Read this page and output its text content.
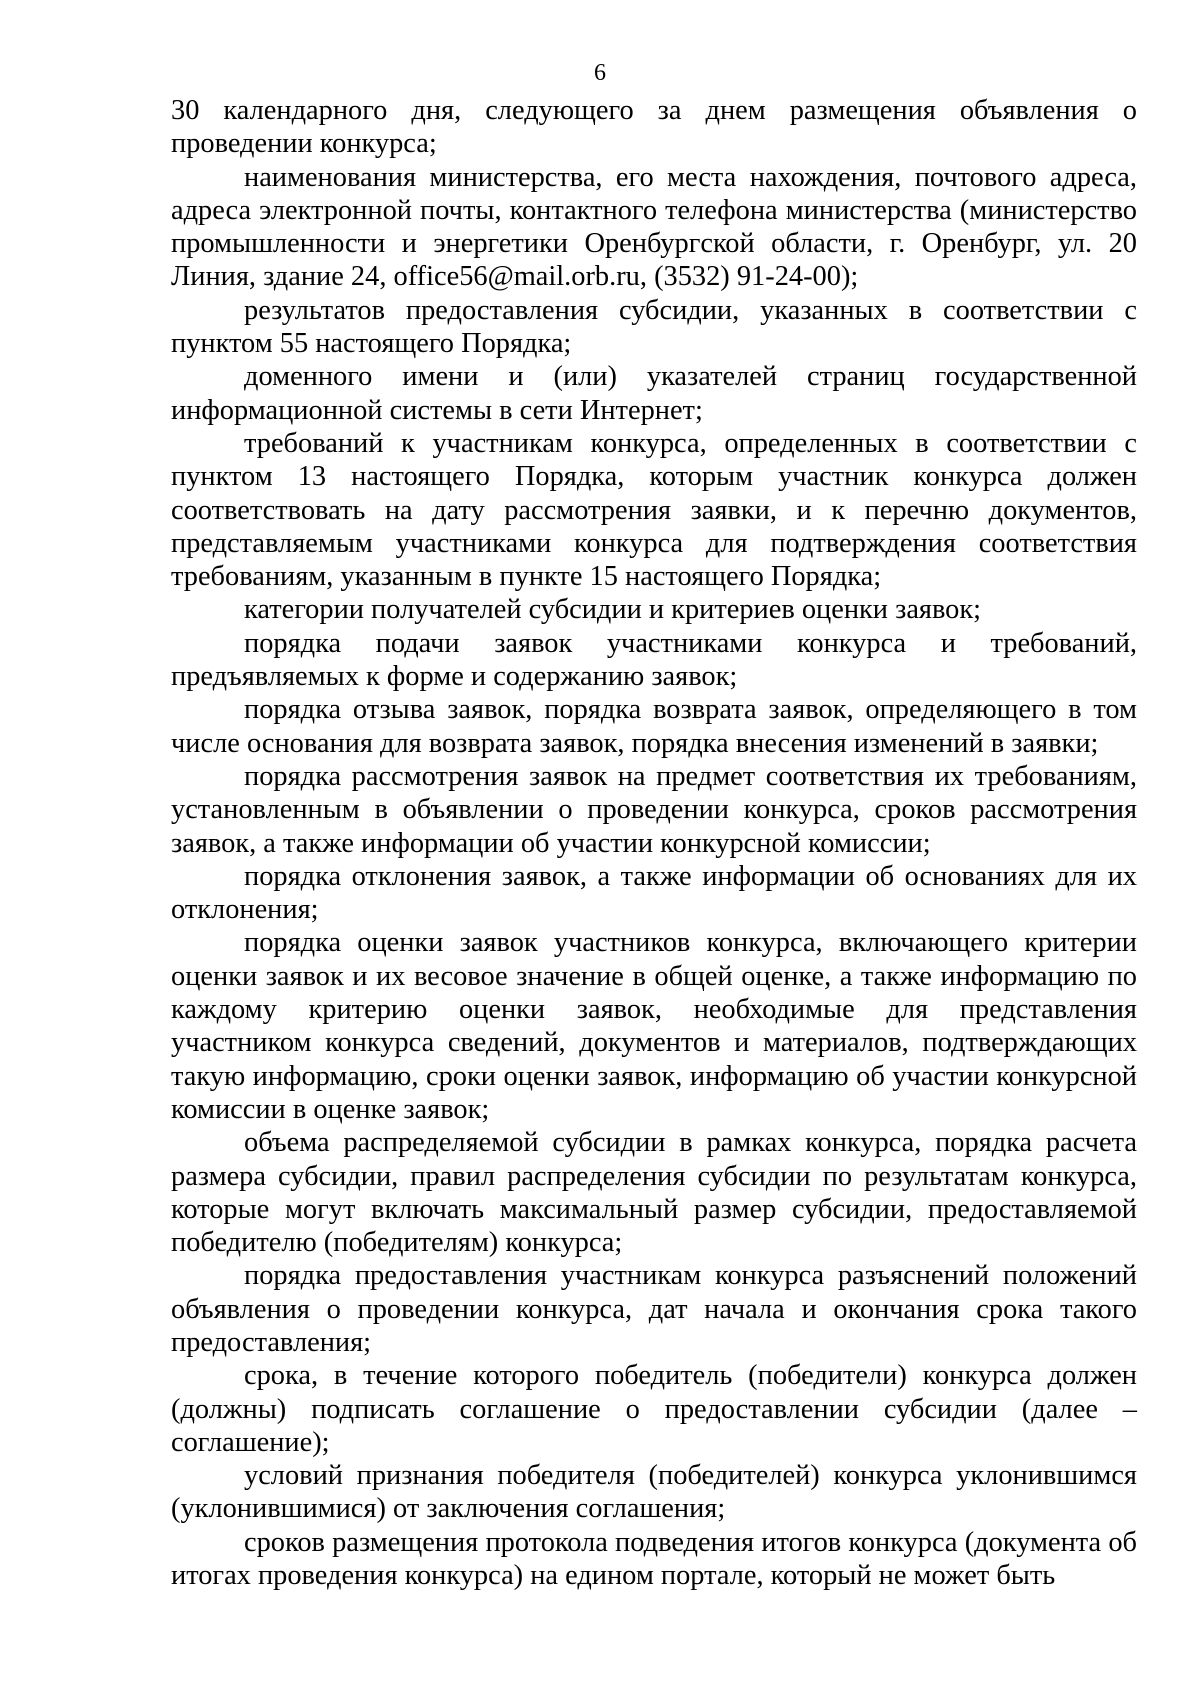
6

30 календарного дня, следующего за днем размещения объявления о проведении конкурса;

наименования министерства, его места нахождения, почтового адреса, адреса электронной почты, контактного телефона министерства (министерство промышленности и энергетики Оренбургской области, г. Оренбург, ул. 20 Линия, здание 24, office56@mail.orb.ru, (3532) 91-24-00);

результатов предоставления субсидии, указанных в соответствии с пунктом 55 настоящего Порядка;

доменного имени и (или) указателей страниц государственной информационной системы в сети Интернет;

требований к участникам конкурса, определенных в соответствии с пунктом 13 настоящего Порядка, которым участник конкурса должен соответствовать на дату рассмотрения заявки, и к перечню документов, представляемым участниками конкурса для подтверждения соответствия требованиям, указанным в пункте 15 настоящего Порядка;

категории получателей субсидии и критериев оценки заявок;

порядка подачи заявок участниками конкурса и требований, предъявляемых к форме и содержанию заявок;

порядка отзыва заявок, порядка возврата заявок, определяющего в том числе основания для возврата заявок, порядка внесения изменений в заявки;

порядка рассмотрения заявок на предмет соответствия их требованиям, установленным в объявлении о проведении конкурса, сроков рассмотрения заявок, а также информации об участии конкурсной комиссии;

порядка отклонения заявок, а также информации об основаниях для их отклонения;

порядка оценки заявок участников конкурса, включающего критерии оценки заявок и их весовое значение в общей оценке, а также информацию по каждому критерию оценки заявок, необходимые для представления участником конкурса сведений, документов и материалов, подтверждающих такую информацию, сроки оценки заявок, информацию об участии конкурсной комиссии в оценке заявок;

объема распределяемой субсидии в рамках конкурса, порядка расчета размера субсидии, правил распределения субсидии по результатам конкурса, которые могут включать максимальный размер субсидии, предоставляемой победителю (победителям) конкурса;

порядка предоставления участникам конкурса разъяснений положений объявления о проведении конкурса, дат начала и окончания срока такого предоставления;

срока, в течение которого победитель (победители) конкурса должен (должны) подписать соглашение о предоставлении субсидии (далее – соглашение);

условий признания победителя (победителей) конкурса уклонившимся (уклонившимися) от заключения соглашения;

сроков размещения протокола подведения итогов конкурса (документа об итогах проведения конкурса) на едином портале, который не может быть
